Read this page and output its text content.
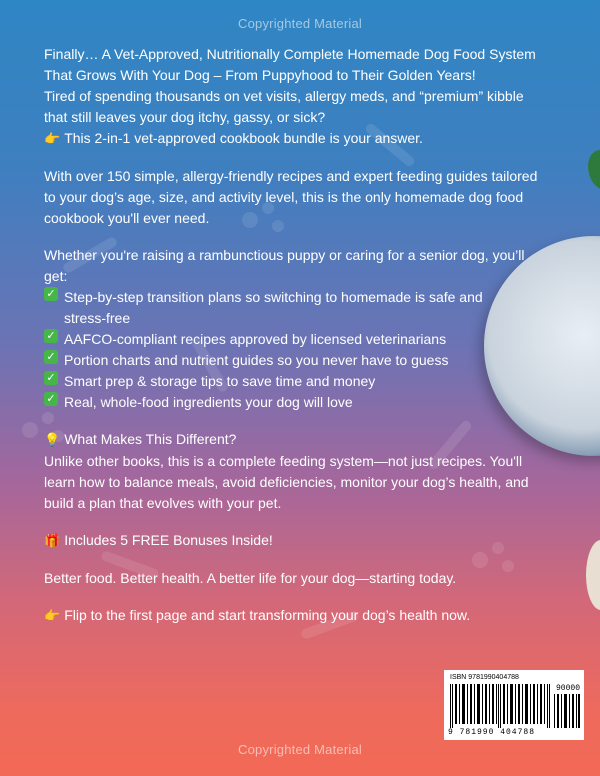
Copyrighted Material

Finally… A Vet-Approved, Nutritionally Complete Homemade Dog Food System

That Grows With Your Dog – From Puppyhood to Their Golden Years!

Tired of spending thousands on vet visits, allergy meds, and “premium” kibble

that still leaves your dog itchy, gassy, or sick?

👉 This 2-in-1 vet-approved cookbook bundle is your answer.

With over 150 simple, allergy-friendly recipes and expert feeding guides tailored

to your dog’s age, size, and activity level, this is the only homemade dog food

cookbook you'll ever need.

Whether you're raising a rambunctious puppy or caring for a senior dog, you’ll

get:

✓ Step-by-step transition plans so switching to homemade is safe and
stress-free
✓ AAFCO-compliant recipes approved by licensed veterinarians
✓ Portion charts and nutrient guides so you never have to guess
✓ Smart prep & storage tips to save time and money
✓ Real, whole-food ingredients your dog will love

💡 What Makes This Different?

Unlike other books, this is a complete feeding system—not just recipes. You'll

learn how to balance meals, avoid deficiencies, monitor your dog’s health, and

build a plan that evolves with your pet.

🎁 Includes 5 FREE Bonuses Inside!

Better food. Better health. A better life for your dog—starting today.

👉 Flip to the first page and start transforming your dog’s health now.

ISBN 9781990404788
90000
9 781990 404788
Copyrighted Material
